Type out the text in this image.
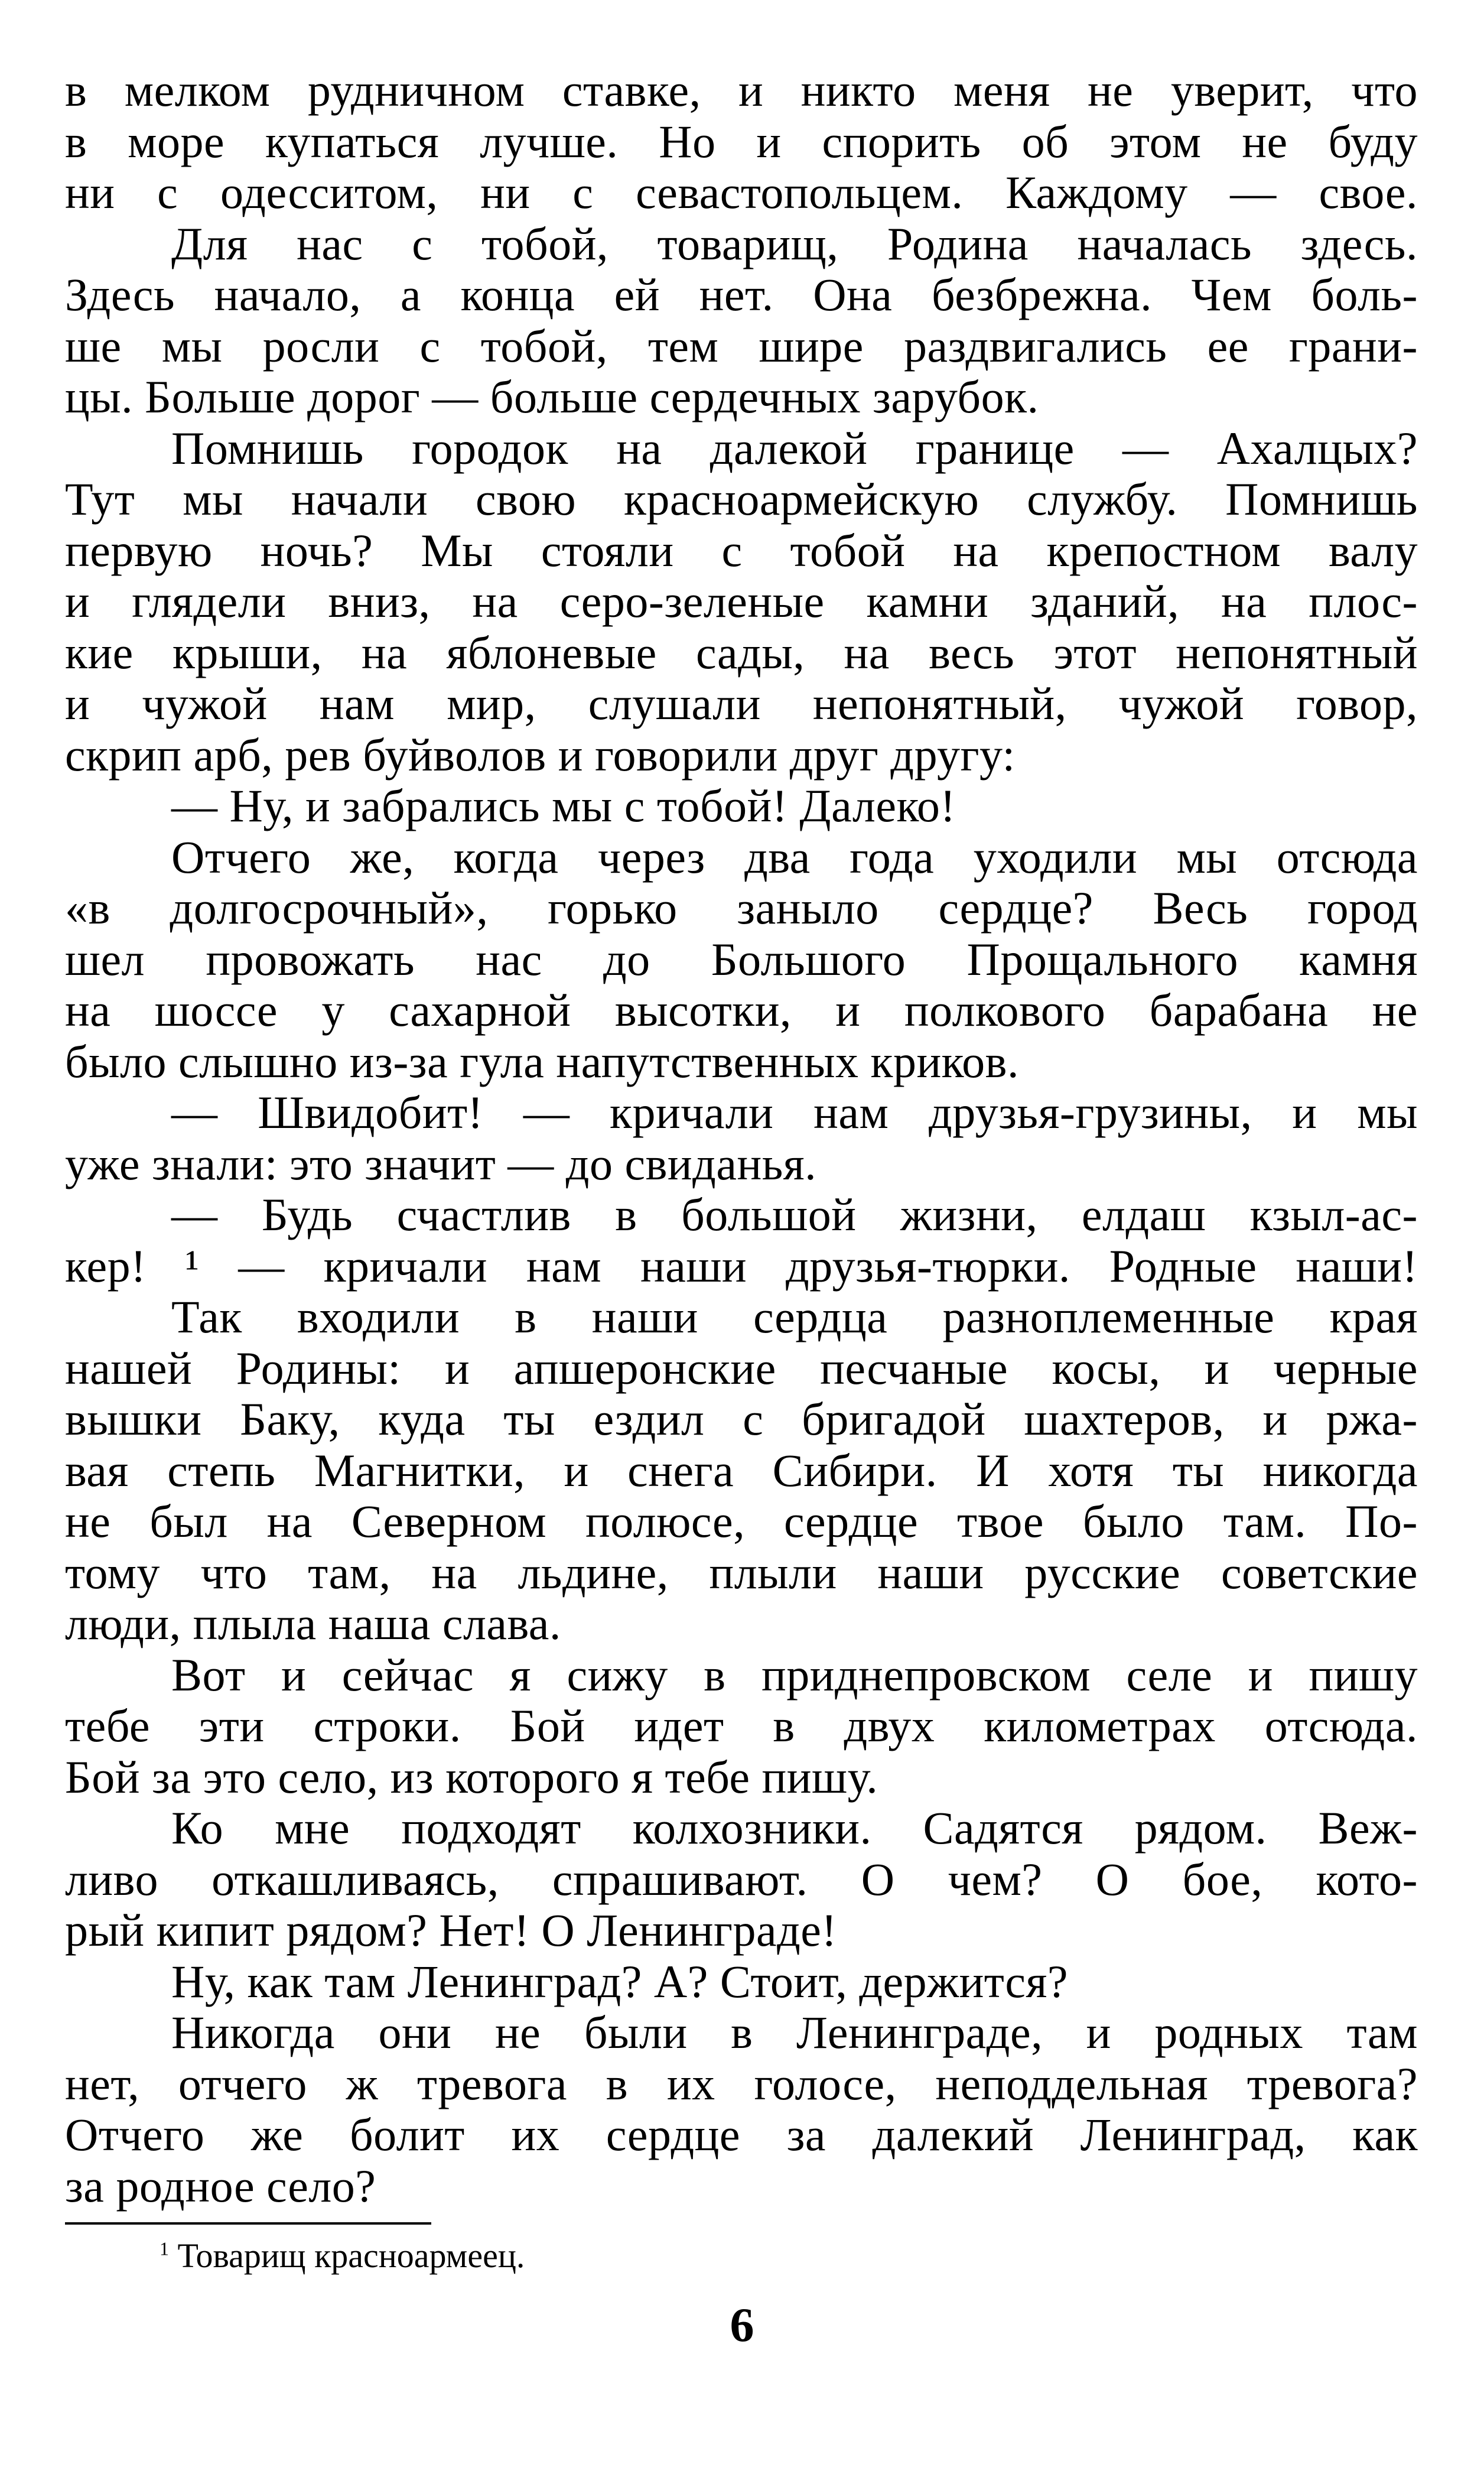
в мелком рудничном ставке, и никто меня не уверит, что
в море купаться лучше. Но и спорить об этом не буду
ни с одесситом, ни с севастопольцем. Каждому — свое.
Для нас с тобой, товарищ, Родина началась здесь.
Здесь начало, а конца ей нет. Она безбрежна. Чем боль-
ше мы росли с тобой, тем шире раздвигались ее грани-
цы. Больше дорог — больше сердечных зарубок.
Помнишь городок на далекой границе — Ахалцых?
Тут мы начали свою красноармейскую службу. Помнишь
первую ночь? Мы стояли с тобой на крепостном валу
и глядели вниз, на серо-зеленые камни зданий, на плос-
кие крыши, на яблоневые сады, на весь этот непонятный
и чужой нам мир, слушали непонятный, чужой говор,
скрип арб, рев буйволов и говорили друг другу:
— Ну, и забрались мы с тобой! Далеко!
Отчего же, когда через два года уходили мы отсюда
«в долгосрочный», горько заныло сердце? Весь город
шел провожать нас до Большого Прощального камня
на шоссе у сахарной высотки, и полкового барабана не
было слышно из-за гула напутственных криков.
— Швидобит! — кричали нам друзья-грузины, и мы
уже знали: это значит — до свиданья.
— Будь счастлив в большой жизни, елдаш кзыл-ас-
кер! ¹ — кричали нам наши друзья-тюрки. Родные наши!
Так входили в наши сердца разноплеменные края
нашей Родины: и апшеронские песчаные косы, и черные
вышки Баку, куда ты ездил с бригадой шахтеров, и ржа-
вая степь Магнитки, и снега Сибири. И хотя ты никогда
не был на Северном полюсе, сердце твое было там. По-
тому что там, на льдине, плыли наши русские советские
люди, плыла наша слава.
Вот и сейчас я сижу в приднепровском селе и пишу
тебе эти строки. Бой идет в двух километрах отсюда.
Бой за это село, из которого я тебе пишу.
Ко мне подходят колхозники. Садятся рядом. Веж-
ливо откашливаясь, спрашивают. О чем? О бое, кото-
рый кипит рядом? Нет! О Ленинграде!
Ну, как там Ленинград? А? Стоит, держится?
Никогда они не были в Ленинграде, и родных там
нет, отчего ж тревога в их голосе, неподдельная тревога?
Отчего же болит их сердце за далекий Ленинград, как
за родное село?
$^1$ Товарищ красноармеец.
6
